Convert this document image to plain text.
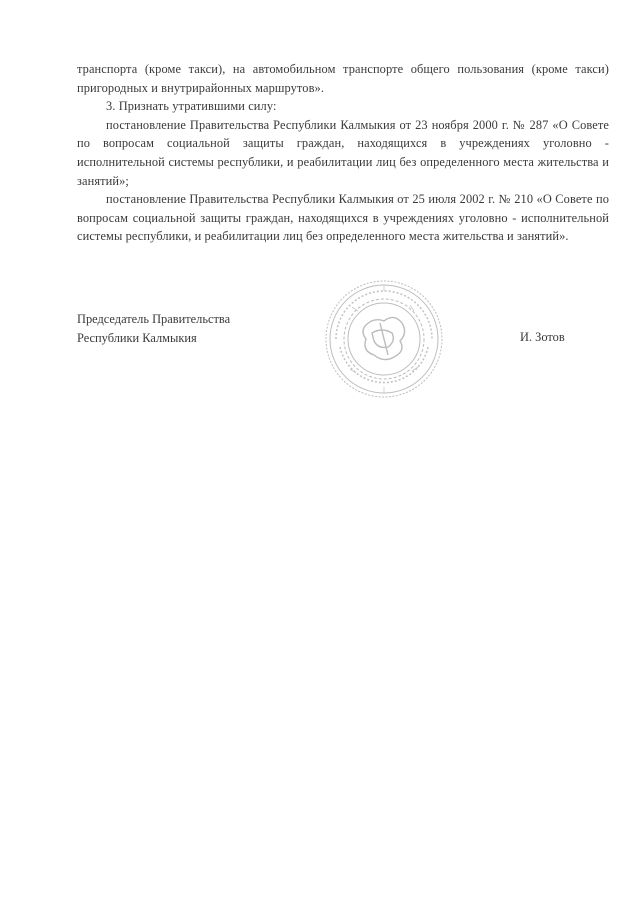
транспорта (кроме такси), на автомобильном транспорте общего пользования (кроме такси) пригородных и внутрирайонных маршрутов».

3. Признать утратившими силу:

постановление Правительства Республики Калмыкия от 23 ноября 2000 г. № 287 «О Совете по вопросам социальной защиты граждан, находящихся в учреждениях уголовно - исполнительной системы республики, и реабилитации лиц без определенного места жительства и занятий»;

постановление Правительства Республики Калмыкия от 25 июля 2002 г. № 210 «О Совете по вопросам социальной защиты граждан, находящихся в учреждениях уголовно - исполнительной системы республики, и реабилитации лиц без определенного места жительства и занятий».

Председатель Правительства
Республики Калмыкия	И. Зотов
